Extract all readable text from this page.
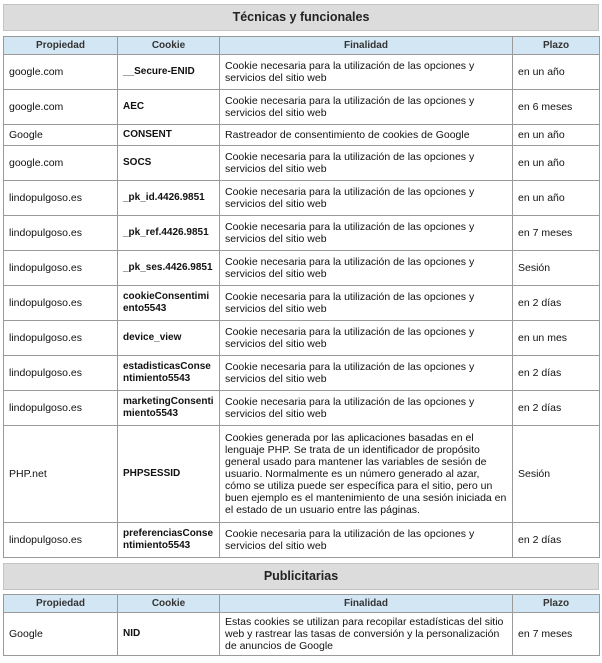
Técnicas y funcionales
Propiedad	Cookie	Finalidad	Plazo
google.com	__Secure-ENID	Cookie necesaria para la utilización de las opciones y servicios del sitio web	en un año
google.com	AEC	Cookie necesaria para la utilización de las opciones y servicios del sitio web	en 6 meses
Google	CONSENT	Rastreador de consentimiento de cookies de Google	en un año
google.com	SOCS	Cookie necesaria para la utilización de las opciones y servicios del sitio web	en un año
lindopulgoso.es	_pk_id.4426.9851	Cookie necesaria para la utilización de las opciones y servicios del sitio web	en un año
lindopulgoso.es	_pk_ref.4426.9851	Cookie necesaria para la utilización de las opciones y servicios del sitio web	en 7 meses
lindopulgoso.es	_pk_ses.4426.9851	Cookie necesaria para la utilización de las opciones y servicios del sitio web	Sesión
lindopulgoso.es	cookieConsentimiento5543	Cookie necesaria para la utilización de las opciones y servicios del sitio web	en 2 días
lindopulgoso.es	device_view	Cookie necesaria para la utilización de las opciones y servicios del sitio web	en un mes
lindopulgoso.es	estadisticasConsentimiento5543	Cookie necesaria para la utilización de las opciones y servicios del sitio web	en 2 días
lindopulgoso.es	marketingConsentimiento5543	Cookie necesaria para la utilización de las opciones y servicios del sitio web	en 2 días
PHP.net	PHPSESSID	Cookies generada por las aplicaciones basadas en el lenguaje PHP. Se trata de un identificador de propósito general usado para mantener las variables de sesión de usuario. Normalmente es un número generado al azar, cómo se utiliza puede ser específica para el sitio, pero un buen ejemplo es el mantenimiento de una sesión iniciada en el estado de un usuario entre las páginas.	Sesión
lindopulgoso.es	preferenciasConsentimiento5543	Cookie necesaria para la utilización de las opciones y servicios del sitio web	en 2 días
Publicitarias
Propiedad	Cookie	Finalidad	Plazo
Google	NID	Estas cookies se utilizan para recopilar estadísticas del sitio web y rastrear las tasas de conversión y la personalización de anuncios de Google	en 7 meses
